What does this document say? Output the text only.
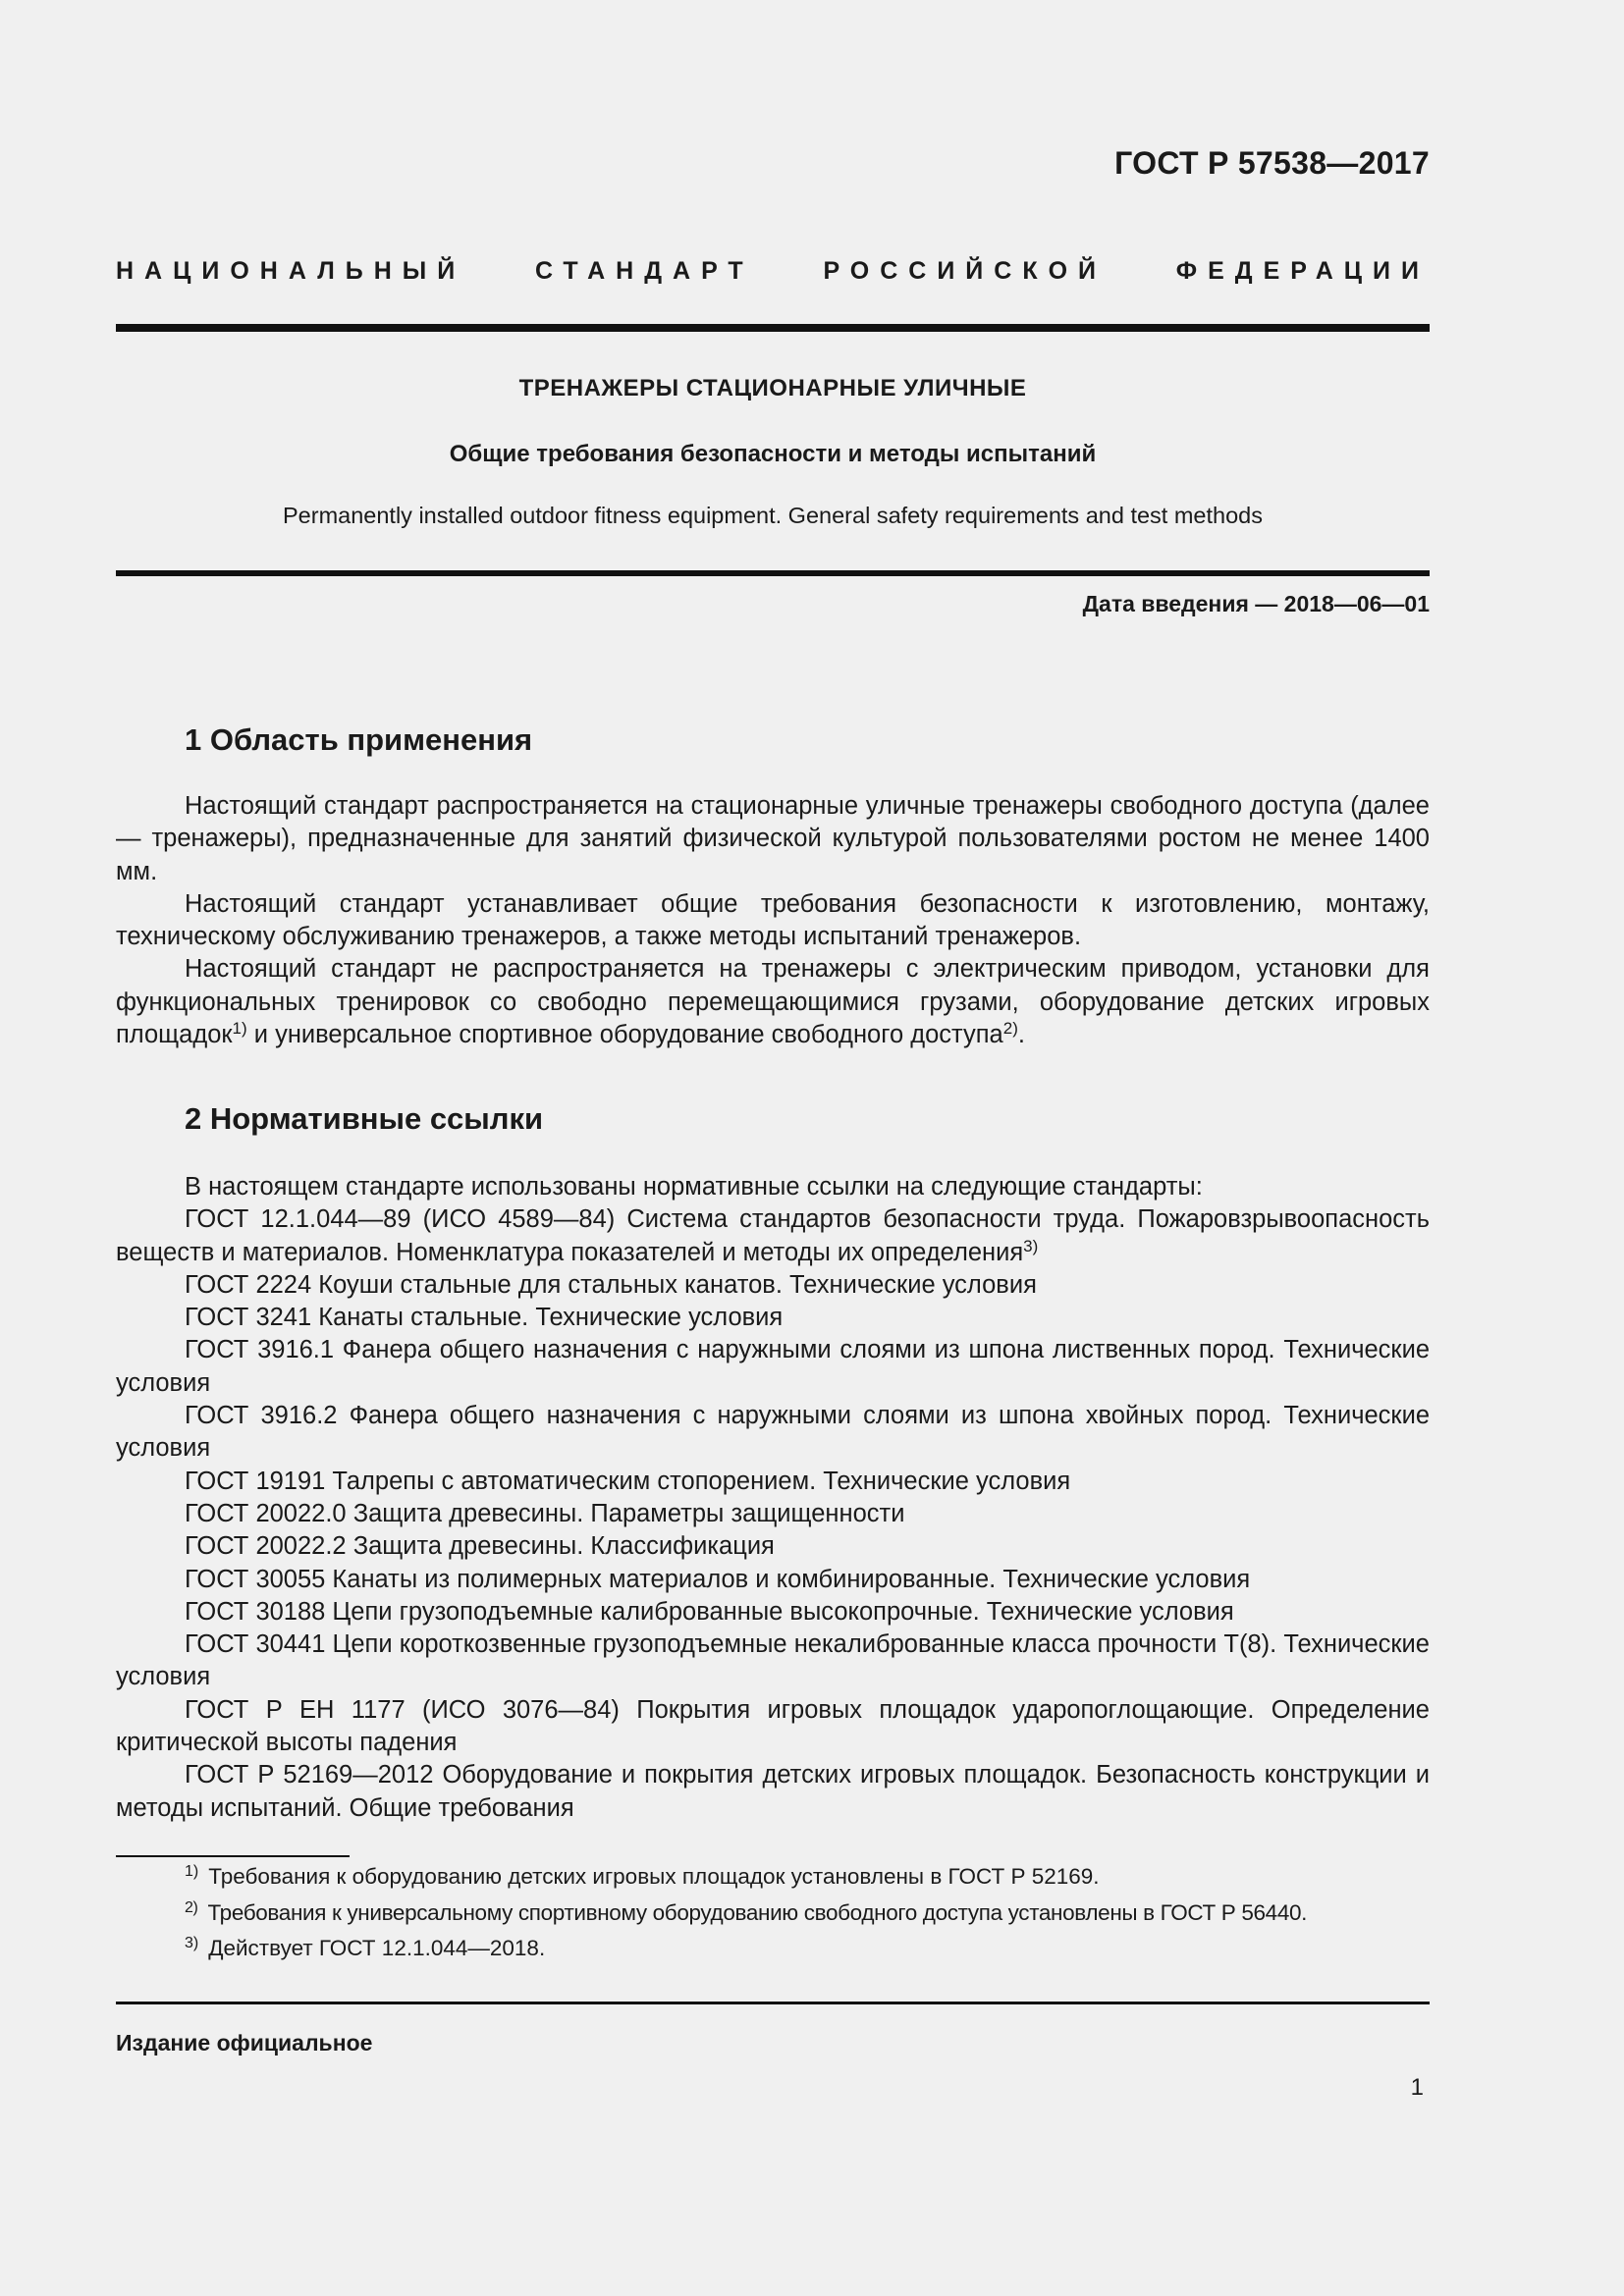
ГОСТ Р 57538—2017
НАЦИОНАЛЬНЫЙ СТАНДАРТ РОССИЙСКОЙ ФЕДЕРАЦИИ
ТРЕНАЖЕРЫ СТАЦИОНАРНЫЕ УЛИЧНЫЕ
Общие требования безопасности и методы испытаний
Permanently installed outdoor fitness equipment. General safety requirements and test methods
Дата введения — 2018—06—01
1 Область применения

Настоящий стандарт распространяется на стационарные уличные тренажеры свободного доступа (далее — тренажеры), предназначенные для занятий физической культурой пользователями ростом не менее 1400 мм.

Настоящий стандарт устанавливает общие требования безопасности к изготовлению, монтажу, техническому обслуживанию тренажеров, а также методы испытаний тренажеров.

Настоящий стандарт не распространяется на тренажеры с электрическим приводом, установки для функциональных тренировок со свободно перемещающимися грузами, оборудование детских игровых площадок$^{1)}$ и универсальное спортивное оборудование свободного доступа$^{2)}$.

2 Нормативные ссылки

В настоящем стандарте использованы нормативные ссылки на следующие стандарты:

ГОСТ 12.1.044—89 (ИСО 4589—84) Система стандартов безопасности труда. Пожаровзрывоопасность веществ и материалов. Номенклатура показателей и методы их определения$^{3)}$

ГОСТ 2224 Коуши стальные для стальных канатов. Технические условия

ГОСТ 3241 Канаты стальные. Технические условия

ГОСТ 3916.1 Фанера общего назначения с наружными слоями из шпона лиственных пород. Технические условия

ГОСТ 3916.2 Фанера общего назначения с наружными слоями из шпона хвойных пород. Технические условия

ГОСТ 19191 Талрепы с автоматическим стопорением. Технические условия

ГОСТ 20022.0 Защита древесины. Параметры защищенности

ГОСТ 20022.2 Защита древесины. Классификация

ГОСТ 30055 Канаты из полимерных материалов и комбинированные. Технические условия

ГОСТ 30188 Цепи грузоподъемные калиброванные высокопрочные. Технические условия

ГОСТ 30441 Цепи короткозвенные грузоподъемные некалиброванные класса прочности Т(8). Технические условия

ГОСТ Р ЕН 1177 (ИСО 3076—84) Покрытия игровых площадок ударопоглощающие. Определение критической высоты падения

ГОСТ Р 52169—2012 Оборудование и покрытия детских игровых площадок. Безопасность конструкции и методы испытаний. Общие требования

$^{1)}$ Требования к оборудованию детских игровых площадок установлены в ГОСТ Р 52169.
$^{2)}$ Требования к универсальному спортивному оборудованию свободного доступа установлены в ГОСТ Р 56440.
$^{3)}$ Действует ГОСТ 12.1.044—2018.
Издание официальное
1
